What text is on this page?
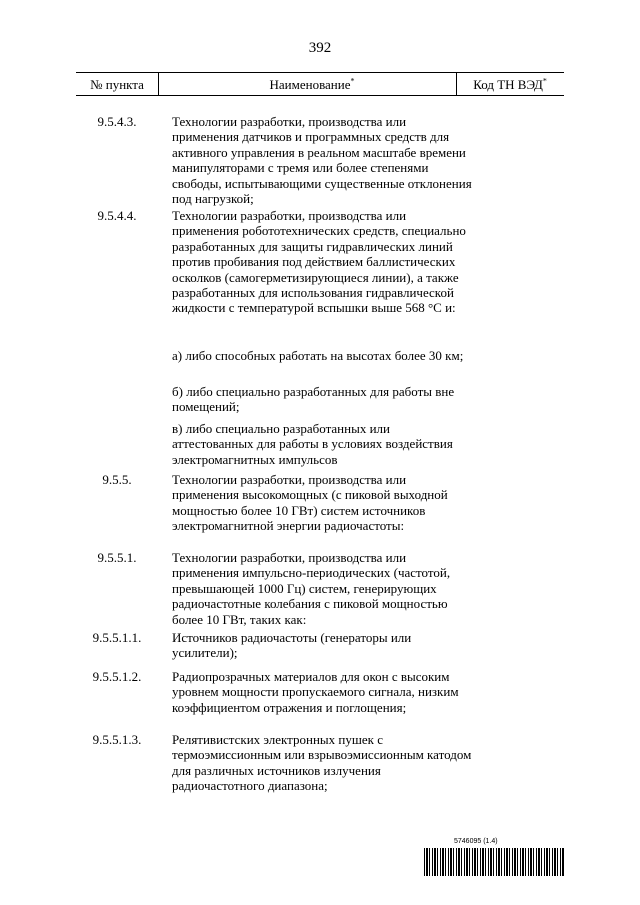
392
№ пункта	Наименование*	Код ТН ВЭД*
9.5.4.3.	Технологии разработки, производства или применения датчиков и программных средств для активного управления в реальном масштабе времени манипуляторами с тремя или более степенями свободы, испытывающими существенные отклонения под нагрузкой;
9.5.4.4.	Технологии разработки, производства или применения робототехнических средств, специально разработанных для защиты гидравлических линий против пробивания под действием баллистических осколков (самогерметизирующиеся линии), а также разработанных для использования гидравлической жидкости с температурой вспышки выше 568 °С и:
а) либо способных работать на высотах более 30 км;
б) либо специально разработанных для работы вне помещений;
в) либо специально разработанных или аттестованных для работы в условиях воздействия электромагнитных импульсов
9.5.5.	Технологии разработки, производства или применения высокомощных (с пиковой выходной мощностью более 10 ГВт) систем источников электромагнитной энергии радиочастоты:
9.5.5.1.	Технологии разработки, производства или применения импульсно-периодических (частотой, превышающей 1000 Гц) систем, генерирующих радиочастотные колебания с пиковой мощностью более 10 ГВт, таких как:
9.5.5.1.1.	Источников радиочастоты (генераторы или усилители);
9.5.5.1.2.	Радиопрозрачных материалов для окон с высоким уровнем мощности пропускаемого сигнала, низким коэффициентом отражения и поглощения;
9.5.5.1.3.	Релятивистских электронных пушек с термоэмиссионным или взрывоэмиссионным катодом для различных источников излучения радиочастотного диапазона;
5746095 (1.4)
